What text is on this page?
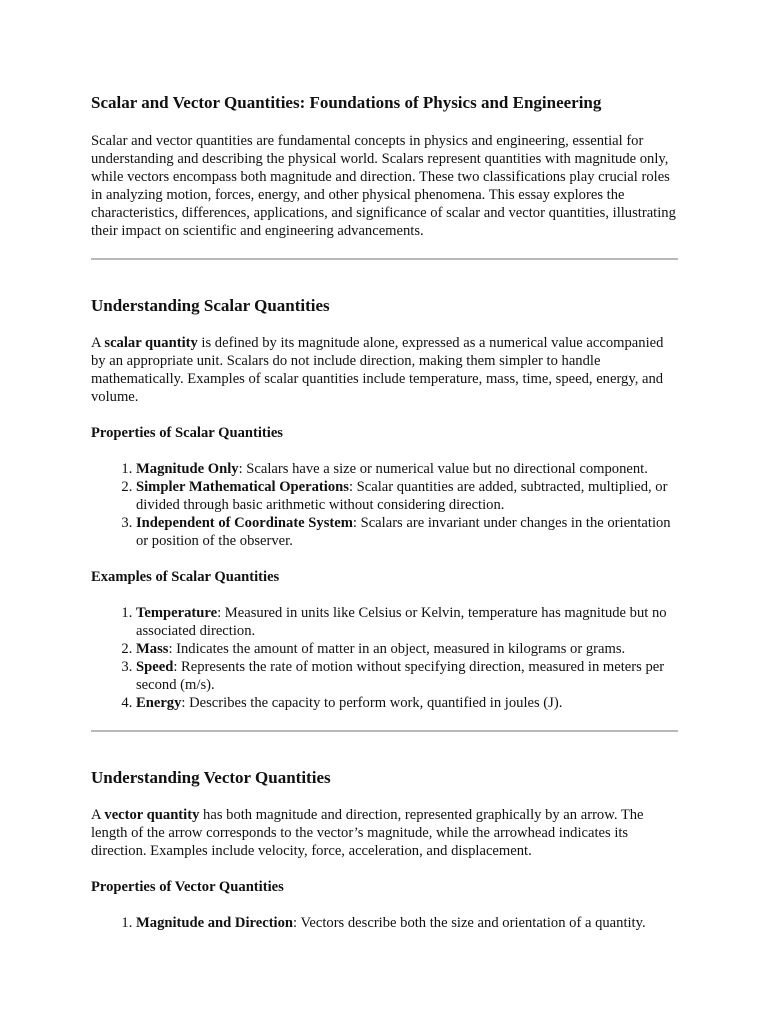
Scalar and Vector Quantities: Foundations of Physics and Engineering

Scalar and vector quantities are fundamental concepts in physics and engineering, essential for understanding and describing the physical world. Scalars represent quantities with magnitude only, while vectors encompass both magnitude and direction. These two classifications play crucial roles in analyzing motion, forces, energy, and other physical phenomena. This essay explores the characteristics, differences, applications, and significance of scalar and vector quantities, illustrating their impact on scientific and engineering advancements.

Understanding Scalar Quantities

A scalar quantity is defined by its magnitude alone, expressed as a numerical value accompanied by an appropriate unit. Scalars do not include direction, making them simpler to handle mathematically. Examples of scalar quantities include temperature, mass, time, speed, energy, and volume.

Properties of Scalar Quantities
1. Magnitude Only: Scalars have a size or numerical value but no directional component.
2. Simpler Mathematical Operations: Scalar quantities are added, subtracted, multiplied, or divided through basic arithmetic without considering direction.
3. Independent of Coordinate System: Scalars are invariant under changes in the orientation or position of the observer.
Examples of Scalar Quantities
1. Temperature: Measured in units like Celsius or Kelvin, temperature has magnitude but no associated direction.
2. Mass: Indicates the amount of matter in an object, measured in kilograms or grams.
3. Speed: Represents the rate of motion without specifying direction, measured in meters per second (m/s).
4. Energy: Describes the capacity to perform work, quantified in joules (J).
Understanding Vector Quantities

A vector quantity has both magnitude and direction, represented graphically by an arrow. The length of the arrow corresponds to the vector’s magnitude, while the arrowhead indicates its direction. Examples include velocity, force, acceleration, and displacement.

Properties of Vector Quantities
1. Magnitude and Direction: Vectors describe both the size and orientation of a quantity.
